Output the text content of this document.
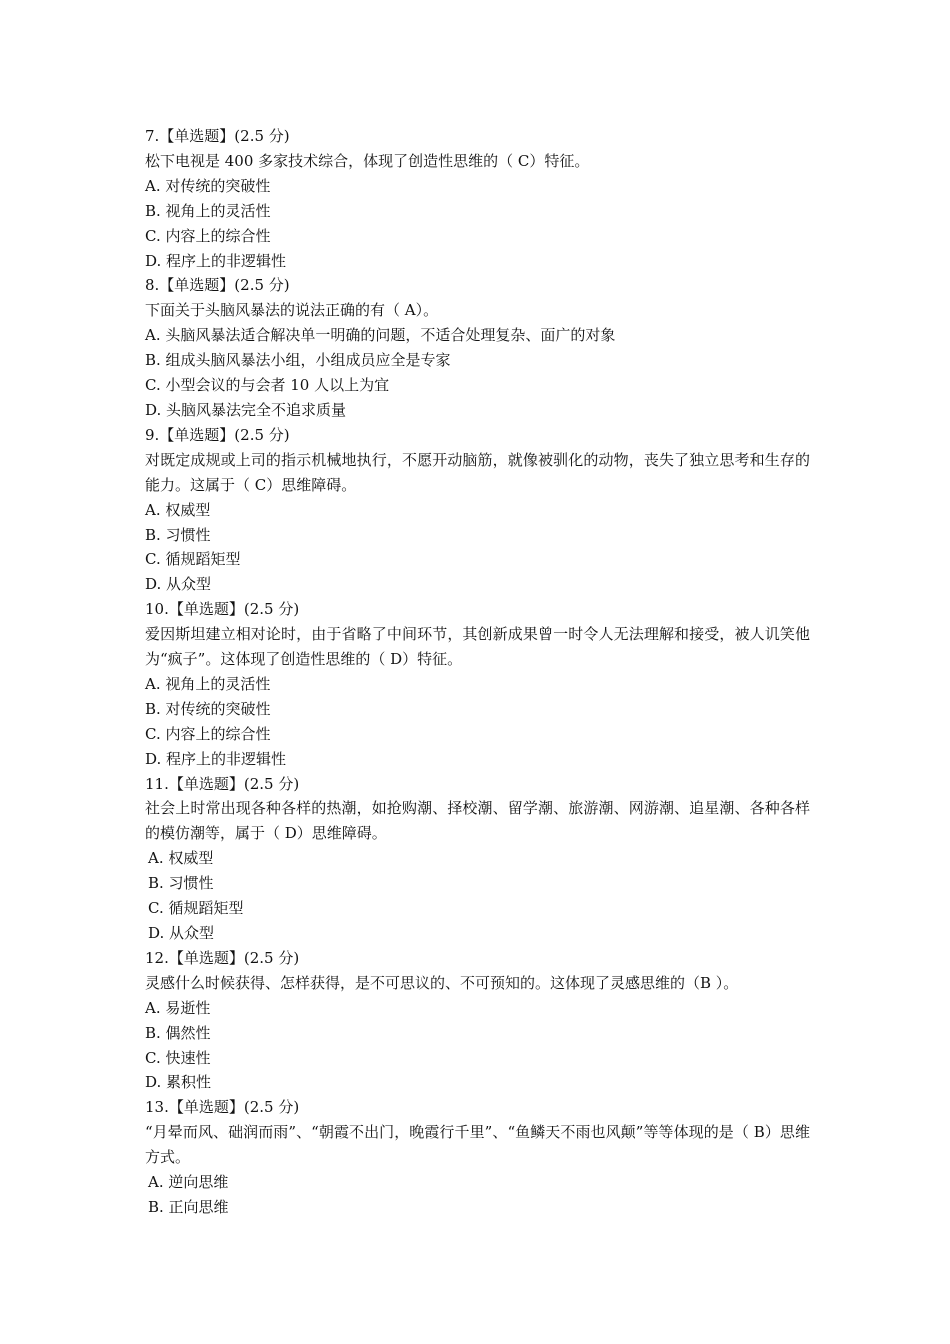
7.【单选题】(2.5 分)

松下电视是 400 多家技术综合，体现了创造性思维的（ C）特征。

A. 对传统的突破性

B. 视角上的灵活性

C. 内容上的综合性

D. 程序上的非逻辑性

8.【单选题】(2.5 分)

下面关于头脑风暴法的说法正确的有（ A）。

A. 头脑风暴法适合解决单一明确的问题，不适合处理复杂、面广的对象

B. 组成头脑风暴法小组，小组成员应全是专家

C. 小型会议的与会者 10 人以上为宜

D. 头脑风暴法完全不追求质量

9.【单选题】(2.5 分)

对既定成规或上司的指示机械地执行，不愿开动脑筋，就像被驯化的动物，丧失了独立思考和生存的能力。这属于（ C）思维障碍。

A. 权威型

B. 习惯性

C. 循规蹈矩型

D. 从众型

10.【单选题】(2.5 分)

爱因斯坦建立相对论时，由于省略了中间环节，其创新成果曾一时令人无法理解和接受，被人讥笑他为“疯子”。这体现了创造性思维的（ D）特征。

A. 视角上的灵活性

B. 对传统的突破性

C. 内容上的综合性

D. 程序上的非逻辑性

11.【单选题】(2.5 分)

社会上时常出现各种各样的热潮，如抢购潮、择校潮、留学潮、旅游潮、网游潮、追星潮、各种各样的模仿潮等，属于（ D）思维障碍。

A. 权威型

B. 习惯性

C. 循规蹈矩型

D. 从众型

12.【单选题】(2.5 分)

灵感什么时候获得、怎样获得，是不可思议的、不可预知的。这体现了灵感思维的（B ）。

A. 易逝性

B. 偶然性

C. 快速性

D. 累积性

13.【单选题】(2.5 分)

“月晕而风、础润而雨”、“朝霞不出门，晚霞行千里”、“鱼鳞天不雨也风颠”等等体现的是（ B）思维方式。

A. 逆向思维

B. 正向思维
